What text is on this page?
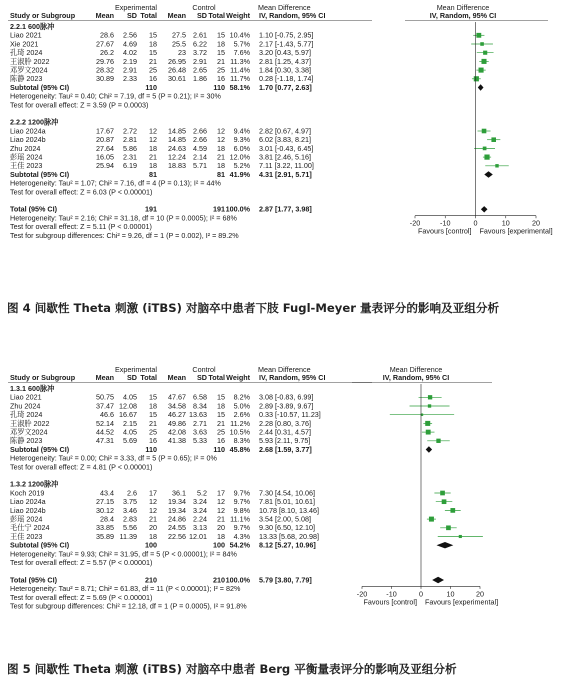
Experimental	Control	Mean Difference	Mean Difference
Study or Subgroup	Mean SD Total Mean SD Total Weight IV, Random, 95% CI	IV, Random, 95% CI
2.2.1 600脉冲
Liao 2021	28.6 2.56 15 27.5 2.61 15 10.4% 1.10 [-0.75, 2.95]
Xie 2021	27.67 4.69 18 25.5 6.22 18 5.7% 2.17 [-1.43, 5.77]
孔琦 2024	26.2 4.02 15	23 3.72 15 7.6% 3.20 [0.43, 5.97]
王淑肸 2022	29.76 2.19 21 26.95 2.91 21 11.3% 2.81 [1.25, 4.37]
邓罗文2024	28.32 2.91 25 26.48 2.65 25 11.4% 1.84 [0.30, 3.38]
陈静 2023	30.89 2.33 16 30.61 1.86 16 11.7% 0.28 [-1.18, 1.74]
Subtotal (95% CI)	110	110 58.1% 1.70 [0.77, 2.63]
Heterogeneity: Tau² = 0.40; Chi² = 7.19, df = 5 (P = 0.21); I² = 30%
Test for overall effect: Z = 3.59 (P = 0.0003)
2.2.2 1200脉冲
Liao 2024a	17.67 2.72 12 14.85 2.66 12 9.4% 2.82 [0.67, 4.97]
Liao 2024b	20.87 2.81 12 14.85 2.66 12 9.3% 6.02 [3.83, 8.21]
Zhu 2024	27.64 5.86 18 24.63 4.59 18 6.0% 3.01 [-0.43, 6.45]
彭瑶 2024	16.05 2.31 21 12.24 2.14 21 12.0% 3.81 [2.46, 5.16]
王佳 2023	25.94 6.19 18 18.83 5.71 18 5.2% 7.11 [3.22, 11.00]
Subtotal (95% CI)	81	81 41.9% 4.31 [2.91, 5.71]
Heterogeneity: Tau² = 1.07; Chi² = 7.16, df = 4 (P = 0.13); I² = 44%
Test for overall effect: Z = 6.03 (P < 0.00001)
Total (95% CI)	191	191 100.0% 2.87 [1.77, 3.98]
Heterogeneity: Tau² = 2.16; Chi² = 31.18, df = 10 (P = 0.0005); I² = 68%
Test for overall effect: Z = 5.11 (P < 0.00001)
Test for subgroup differences: Chi² = 9.26, df = 1 (P = 0.002), I² = 89.2%
-20	-10	0	10	20
Favours [control] Favours [experimental]
图 4 间歇性 Theta 刺激 (iTBS) 对脑卒中患者下肢 Fugl-Meyer 量表评分的影响及亚组分析
Experimental	Control	Mean Difference	Mean Difference
Study or Subgroup	Mean SD Total Mean SD Total Weight IV, Random, 95% CI	IV, Random, 95% CI
1.3.1 600脉冲
Liao 2021	50.75 4.05 15 47.67 6.58 15 8.2% 3.08 [-0.83, 6.99]
Zhu 2024	37.47 12.08 18 34.58 8.34 18 5.0% 2.89 [-3.89, 9.67]
孔琦 2024	46.6 16.67 15 46.27 13.63 15 2.6% 0.33 [-10.57, 11.23]
王淑肸 2022	52.14 2.15 21 49.86 2.71 21 11.2% 2.28 [0.80, 3.76]
邓罗文2024	44.52 4.05 25 42.08 3.63 25 10.5% 2.44 [0.31, 4.57]
陈静 2023	47.31 5.69 16 41.38 5.33 16 8.3% 5.93 [2.11, 9.75]
Subtotal (95% CI)	110	110 45.8% 2.68 [1.59, 3.77]
Heterogeneity: Tau² = 0.00; Chi² = 3.33, df = 5 (P = 0.65); I² = 0%
Test for overall effect: Z = 4.81 (P < 0.00001)
1.3.2 1200脉冲
Koch 2019	43.4 2.6 17 36.1 5.2 17 9.7% 7.30 [4.54, 10.06]
Liao 2024a	27.15 3.75 12 19.34 3.24 12 9.7% 7.81 [5.01, 10.61]
Liao 2024b	30.12 3.46 12 19.34 3.24 12 9.8% 10.78 [8.10, 13.46]
彭瑶 2024	28.4 2.83 21 24.86 2.24 21 11.1% 3.54 [2.00, 5.08]
毛仕宁 2024	33.85 5.56 20 24.55 3.13 20 9.7% 9.30 [6.50, 12.10]
王佳 2023	35.89 11.39 18 22.56 12.01 18 4.3% 13.33 [5.68, 20.98]
Subtotal (95% CI)	100	100 54.2% 8.12 [5.27, 10.96]
Heterogeneity: Tau² = 9.93; Chi² = 31.95, df = 5 (P < 0.00001); I² = 84%
Test for overall effect: Z = 5.57 (P < 0.00001)
Total (95% CI)	210	210 100.0% 5.79 [3.80, 7.79]
Heterogeneity: Tau² = 8.71; Chi² = 61.83, df = 11 (P < 0.00001); I² = 82%
Test for overall effect: Z = 5.69 (P < 0.00001)
Test for subgroup differences: Chi² = 12.18, df = 1 (P = 0.0005), I² = 91.8%
-20	-10	0	10	20
Favours [control] Favours [experimental]
图 5 间歇性 Theta 刺激 (iTBS) 对脑卒中患者 Berg 平衡量表评分的影响及亚组分析
